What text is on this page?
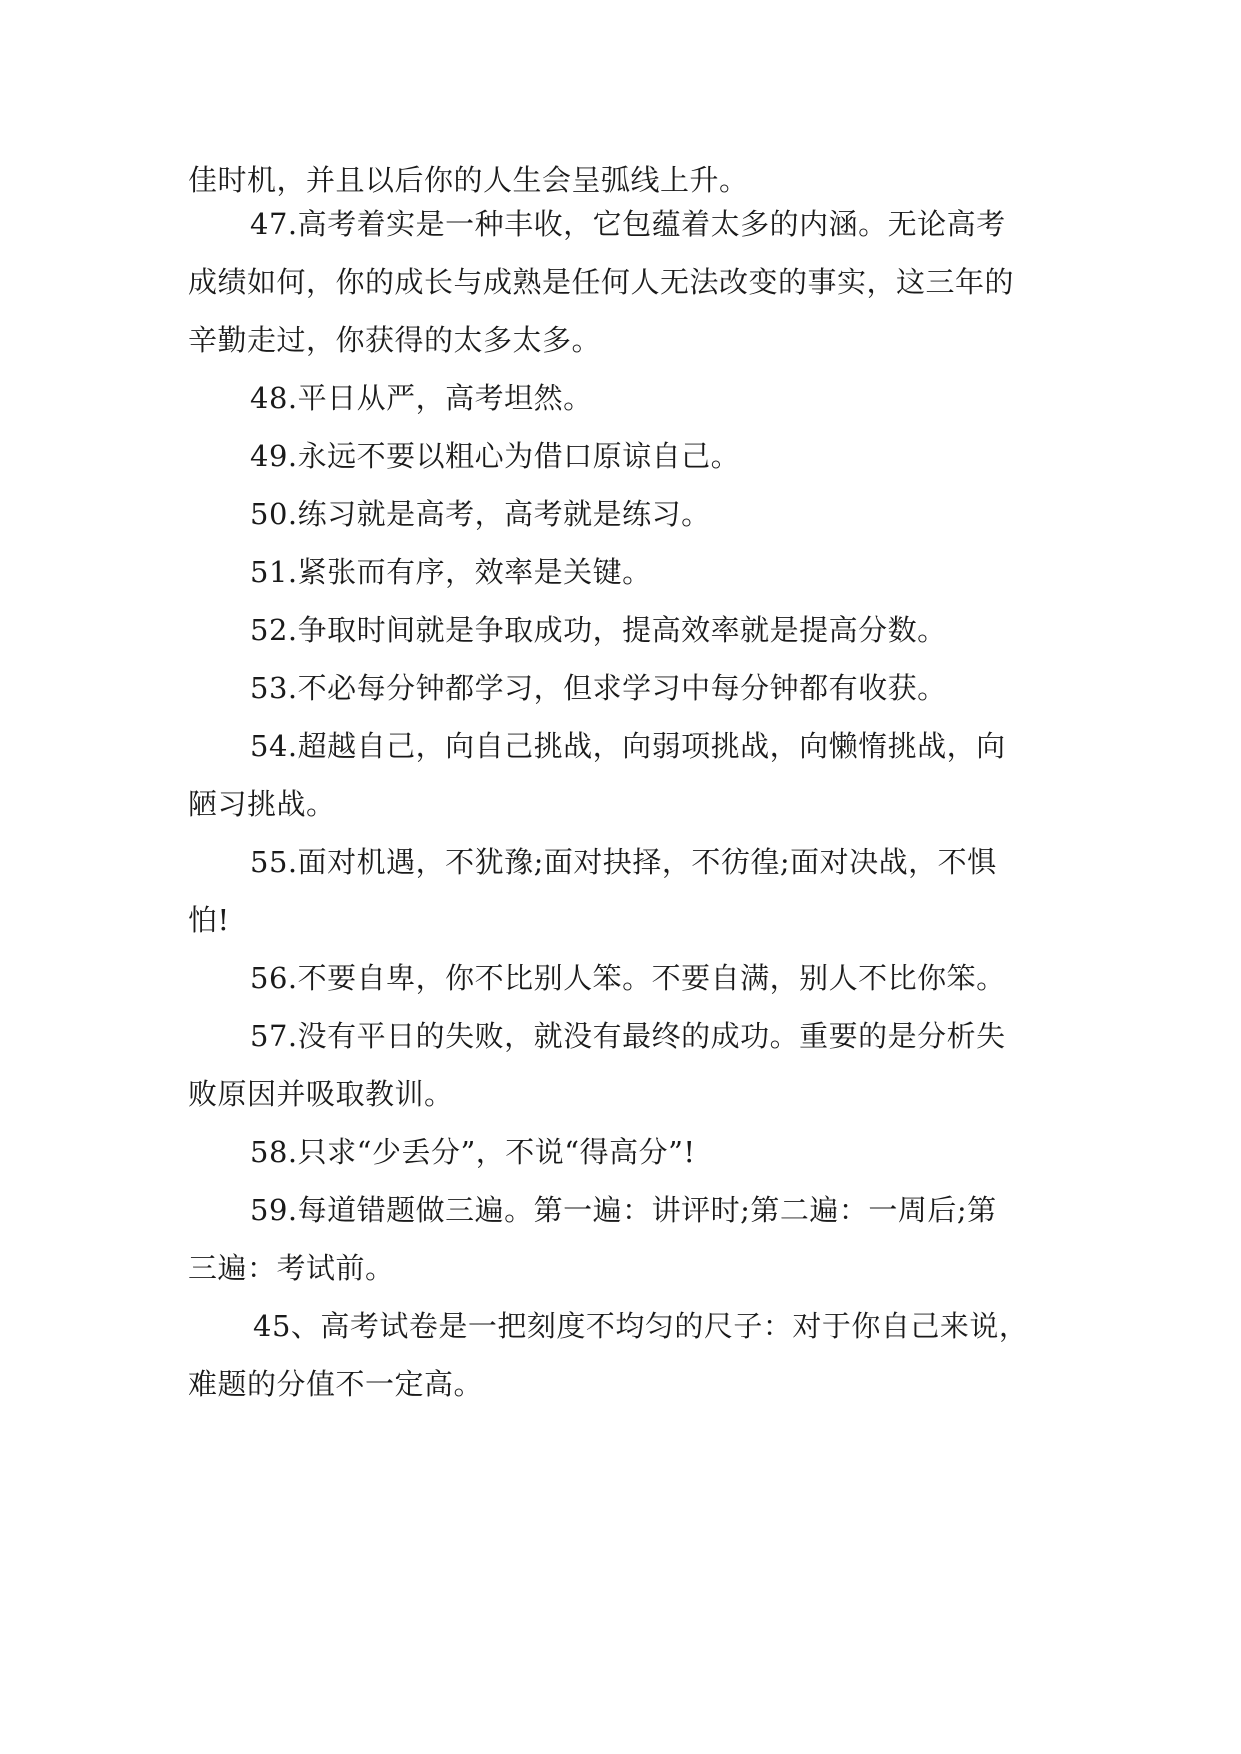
佳时机，并且以后你的人生会呈弧线上升。

47.高考着实是一种丰收，它包蕴着太多的内涵。无论高考

成绩如何，你的成长与成熟是任何人无法改变的事实，这三年的

辛勤走过，你获得的太多太多。

48.平日从严，高考坦然。

49.永远不要以粗心为借口原谅自己。

50.练习就是高考，高考就是练习。

51.紧张而有序，效率是关键。

52.争取时间就是争取成功，提高效率就是提高分数。

53.不必每分钟都学习，但求学习中每分钟都有收获。

54.超越自己，向自己挑战，向弱项挑战，向懒惰挑战，向

陋习挑战。

55.面对机遇，不犹豫;面对抉择，不彷徨;面对决战，不惧

怕!

56.不要自卑，你不比别人笨。不要自满，别人不比你笨。

57.没有平日的失败，就没有最终的成功。重要的是分析失

败原因并吸取教训。

58.只求“少丢分”，不说“得高分”!

59.每道错题做三遍。第一遍：讲评时;第二遍：一周后;第

三遍：考试前。

45、高考试卷是一把刻度不均匀的尺子：对于你自己来说，

难题的分值不一定高。
